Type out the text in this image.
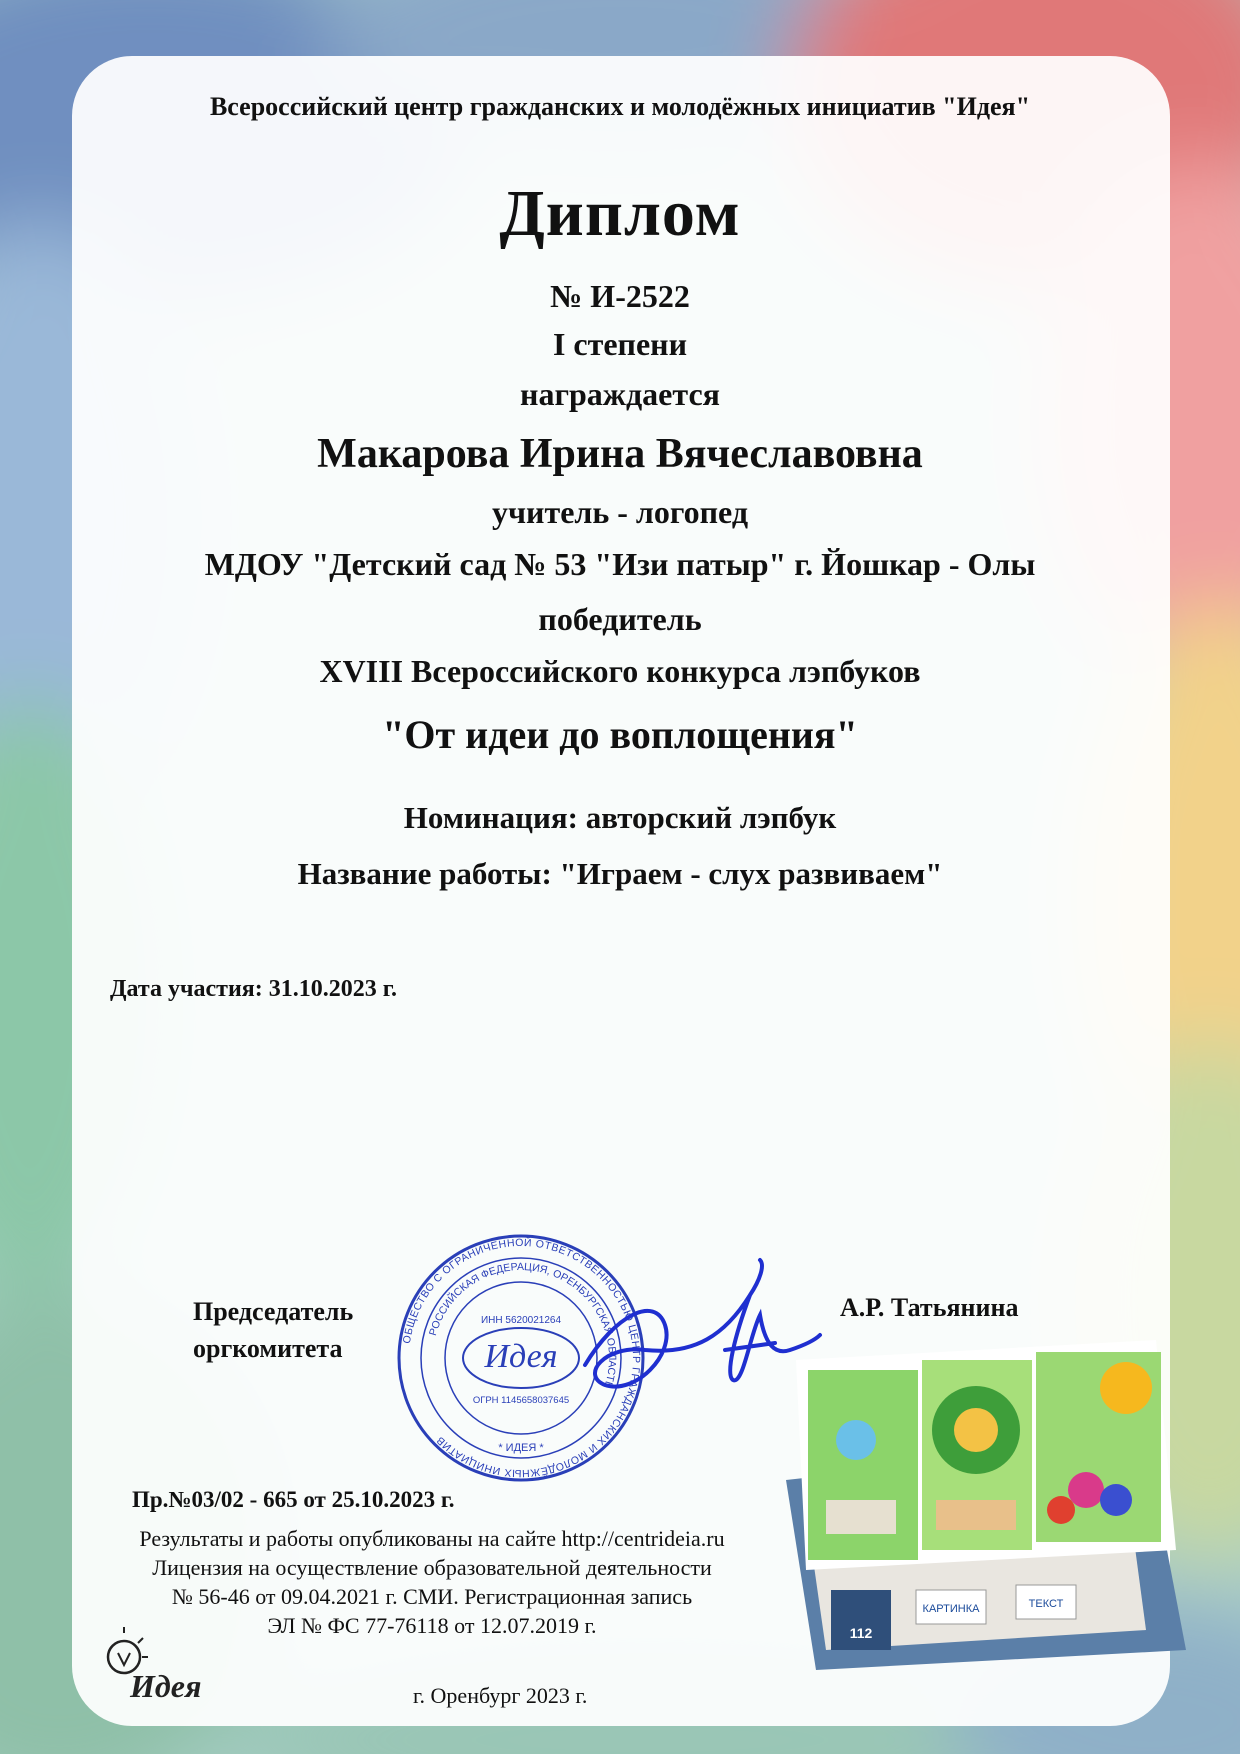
Всероссийский центр гражданских и молодёжных инициатив "Идея"
Диплом
№ И-2522
I степени
награждается
Макарова Ирина Вячеславовна
учитель - логопед
МДОУ "Детский сад № 53 "Изи патыр" г. Йошкар - Олы
победитель
XVIII Всероссийского конкурса лэпбуков
"От идеи до воплощения"
Номинация: авторский лэпбук
Название работы: "Играем - слух развиваем"
Дата участия: 31.10.2023 г.
Председатель
оргкомитета
А.Р. Татьянина
ОБЩЕСТВО С ОГРАНИЧЕННОЙ ОТВЕТСТВЕННОСТЬЮ ЦЕНТР ГРАЖДАНСКИХ И МОЛОДЁЖНЫХ ИНИЦИАТИВ
РОССИЙСКАЯ ФЕДЕРАЦИЯ, ОРЕНБУРГСКАЯ ОБЛАСТЬ
ИНН 5620021264
Идея
ОГРН 1145658037645
* ИДЕЯ *
КАРТИНКА	ТЕКСТ
112
Пр.№03/02 - 665 от 25.10.2023 г.
Результаты и работы опубликованы на сайте http://centrideia.ru
Лицензия на осуществление образовательной деятельности
№ 56-46 от 09.04.2021 г. СМИ. Регистрационная запись
ЭЛ № ФС 77-76118 от 12.07.2019 г.
г. Оренбург 2023 г.
Идея
